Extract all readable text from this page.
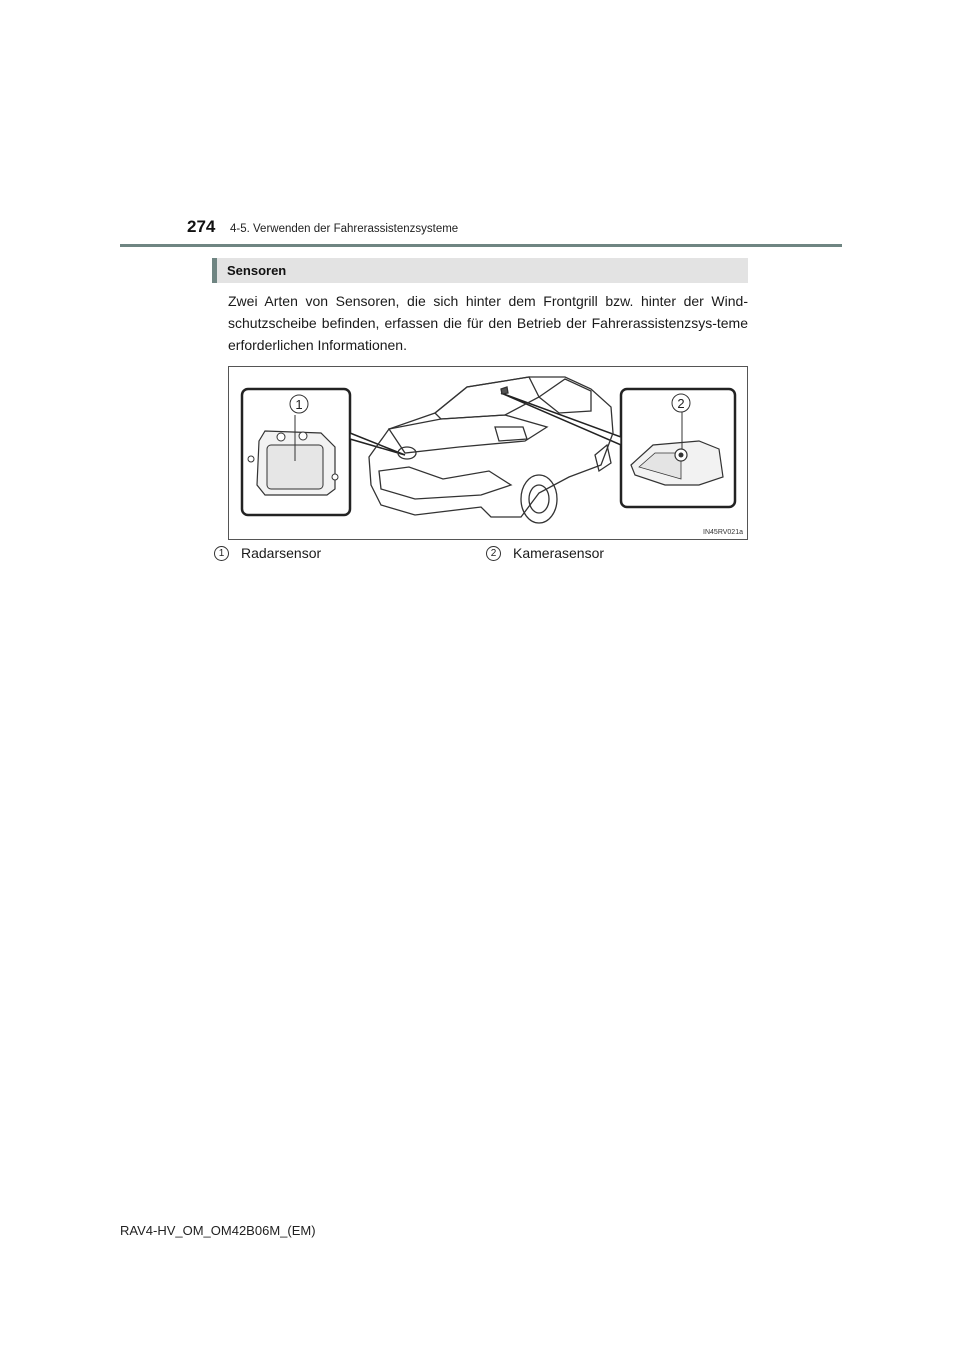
274 4-5. Verwenden der Fahrerassistenzsysteme
Sensoren
Zwei Arten von Sensoren, die sich hinter dem Frontgrill bzw. hinter der Wind-schutzscheibe befinden, erfassen die für den Betrieb der Fahrerassistenzsys-teme erforderlichen Informationen.
1	2
IN45RV021a
1	Radarsensor	2	Kamerasensor
RAV4-HV_OM_OM42B06M_(EM)
